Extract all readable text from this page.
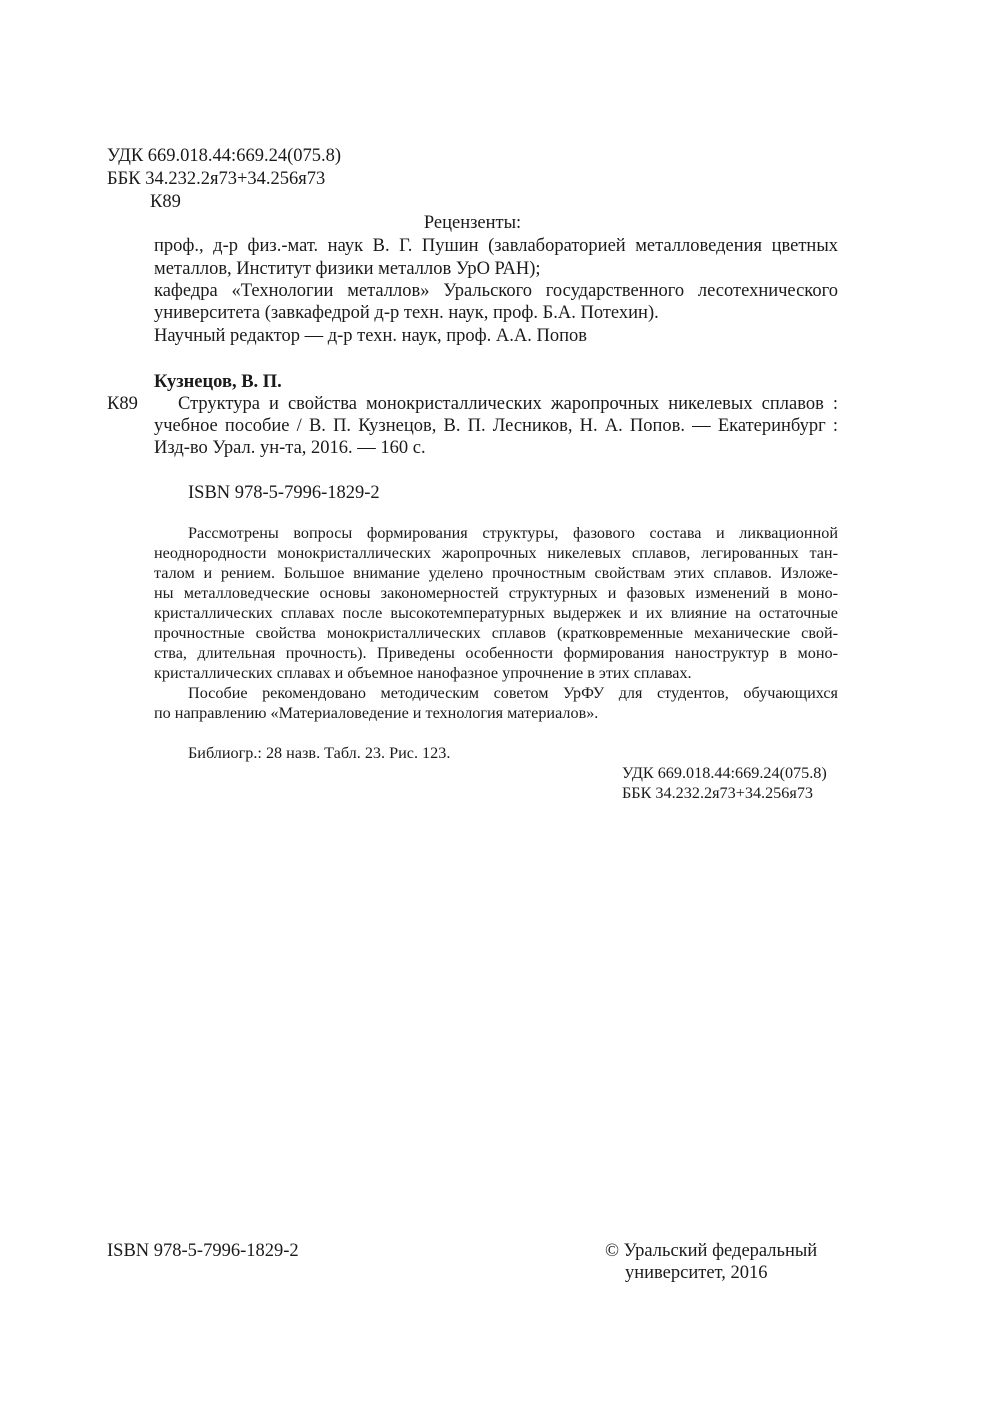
УДК 669.018.44:669.24(075.8)
ББК 34.232.2я73+34.256я73
К89
Рецензенты:
проф., д-р физ.-мат. наук В. Г. Пушин (завлабораторией металловедения цветных
металлов, Институт физики металлов УрО РАН);
кафедра «Технологии металлов» Уральского государственного лесотехнического
университета (завкафедрой д-р техн. наук, проф. Б.А. Потехин).
Научный редактор — д-р техн. наук, проф. А.А. Попов
Кузнецов, В. П.
К89 Структура и свойства монокристаллических жаропрочных никелевых сплавов :
учебное пособие / В. П. Кузнецов, В. П. Лесников, Н. А. Попов. — Екатеринбург :
Изд-во Урал. ун-та, 2016. — 160 с.
ISBN 978-5-7996-1829-2
Рассмотрены вопросы формирования структуры, фазового состава и ликвационной
неоднородности монокристаллических жаропрочных никелевых сплавов, легированных тан-
талом и рением. Большое внимание уделено прочностным свойствам этих сплавов. Изложе-
ны металловедческие основы закономерностей структурных и фазовых изменений в моно-
кристаллических сплавах после высокотемпературных выдержек и их влияние на остаточные
прочностные свойства монокристаллических сплавов (кратковременные механические свой-
ства, длительная прочность). Приведены особенности формирования наноструктур в моно-
кристаллических сплавах и объемное нанофазное упрочнение в этих сплавах.
Пособие рекомендовано методическим советом УрФУ для студентов, обучающихся
по направлению «Материаловедение и технология материалов».
Библиогр.: 28 назв. Табл. 23. Рис. 123.
УДК 669.018.44:669.24(075.8)
ББК 34.232.2я73+34.256я73
ISBN 978-5-7996-1829-2	© Уральский федеральный
университет, 2016
